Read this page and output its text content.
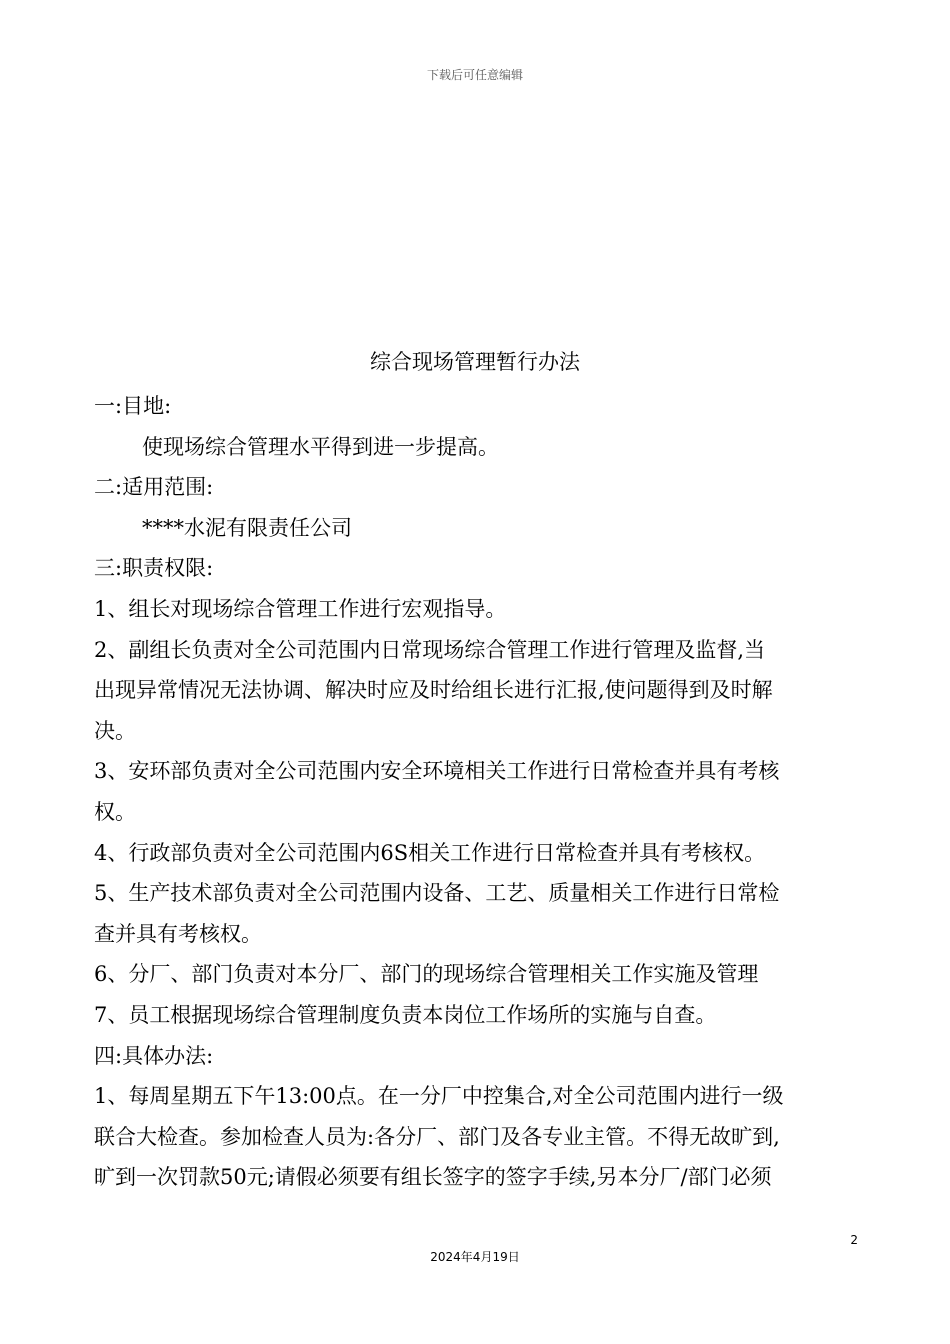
下载后可任意编辑
综合现场管理暂行办法
一:目地:
使现场综合管理水平得到进一步提高。
二:适用范围:
****水泥有限责任公司
三:职责权限:
1、组长对现场综合管理工作进行宏观指导。
2、副组长负责对全公司范围内日常现场综合管理工作进行管理及监督,当
出现异常情况无法协调、解决时应及时给组长进行汇报,使问题得到及时解
决。
3、安环部负责对全公司范围内安全环境相关工作进行日常检查并具有考核
权。
4、行政部负责对全公司范围内6S相关工作进行日常检查并具有考核权。
5、生产技术部负责对全公司范围内设备、工艺、质量相关工作进行日常检
查并具有考核权。
6、分厂、部门负责对本分厂、部门的现场综合管理相关工作实施及管理
7、员工根据现场综合管理制度负责本岗位工作场所的实施与自查。
四:具体办法:
1、每周星期五下午13:00点。在一分厂中控集合,对全公司范围内进行一级
联合大检查。参加检查人员为:各分厂、部门及各专业主管。不得无故旷到,
旷到一次罚款50元;请假必须要有组长签字的签字手续,另本分厂/部门必须
2
2024年4月19日
